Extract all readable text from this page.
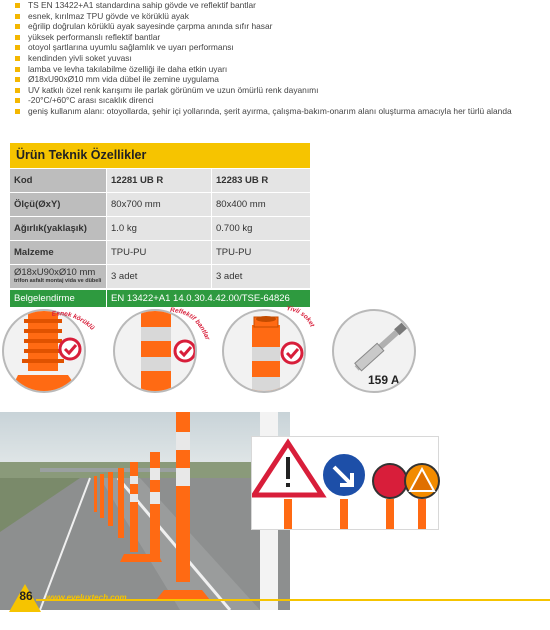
TS EN 13422+A1 standardına sahip gövde ve reflektif bantlar
esnek, kırılmaz TPU gövde ve körüklü ayak
eğrilip doğrulan körüklü ayak sayesinde çarpma anında sıfır hasar
yüksek performanslı reflektif bantlar
otoyol şartlarına uyumlu sağlamlık ve uyarı performansı
kendinden yivli soket yuvası
lamba ve levha takılabilme özelliği ile daha etkin uyarı
Ø18xU90xØ10 mm vida dübel ile zemine uygulama
UV katkılı özel renk karışımı ile parlak görünüm ve uzun ömürlü renk dayanımı
-20°C/+60°C arası sıcaklık direnci
geniş kullanım alanı: otoyollarda, şehir içi yollarında, şerit ayırma, çalışma-bakım-onarım alanı oluşturma amacıyla her türlü alanda
Ürün Teknik Özellikler
Kod	12281 UB R	12283 UB R
Ölçü(ØxY)	80x700 mm	80x400 mm
Ağırlık(yaklaşık)	1.0 kg	0.700 kg
Malzeme	TPU-PU	TPU-PU
Ø18xU90xØ10 mm
trifon asfalt montaj vida ve dübeli	3 adet	3 adet
Belgelendirme	EN 13422+A1 14.0.30.4.42.00/TSE-64826
Esnek körüklü
Reflektif bantlar
Yivli soket
159 A
86	www.eveluxtech.com
